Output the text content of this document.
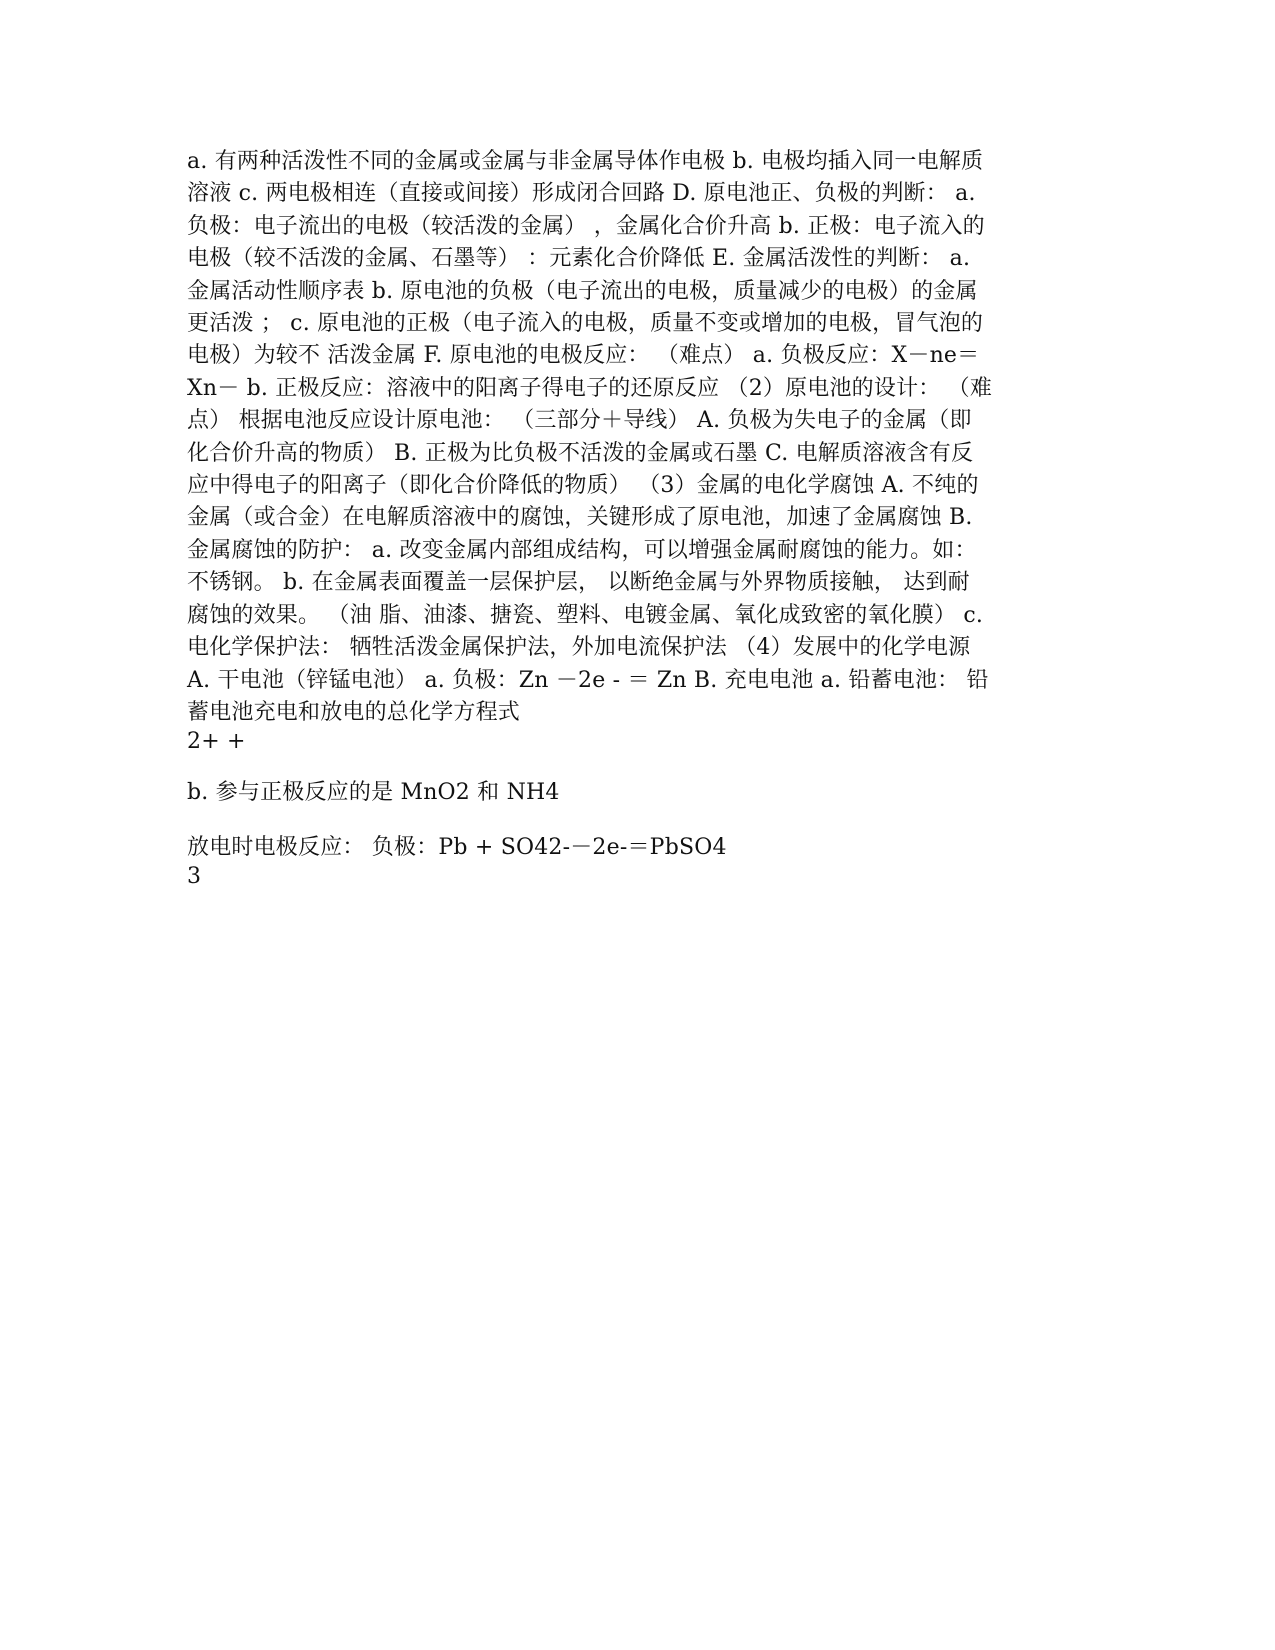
a. 有两种活泼性不同的金属或金属与非金属导体作电极 b. 电极均插入同一电解质
溶液 c. 两电极相连（直接或间接）形成闭合回路 D. 原电池正、负极的判断： a.
负极：电子流出的电极（较活泼的金属） ，金属化合价升高 b. 正极：电子流入的
电极（较不活泼的金属、石墨等） ：元素化合价降低 E. 金属活泼性的判断： a.
金属活动性顺序表 b. 原电池的负极（电子流出的电极，质量减少的电极）的金属
更活泼 ； c. 原电池的正极（电子流入的电极，质量不变或增加的电极，冒气泡的
电极）为较不 活泼金属 F. 原电池的电极反应： （难点） a. 负极反应：X－ne＝
Xn－ b. 正极反应：溶液中的阳离子得电子的还原反应 （2）原电池的设计： （难
点） 根据电池反应设计原电池： （三部分＋导线） A. 负极为失电子的金属（即
化合价升高的物质） B. 正极为比负极不活泼的金属或石墨 C. 电解质溶液含有反
应中得电子的阳离子（即化合价降低的物质） （3）金属的电化学腐蚀 A. 不纯的
金属（或合金）在电解质溶液中的腐蚀，关键形成了原电池，加速了金属腐蚀 B.
金属腐蚀的防护： a. 改变金属内部组成结构，可以增强金属耐腐蚀的能力。如：
不锈钢。 b. 在金属表面覆盖一层保护层， 以断绝金属与外界物质接触， 达到耐
腐蚀的效果。 （油 脂、油漆、搪瓷、塑料、电镀金属、氧化成致密的氧化膜） c.
电化学保护法： 牺牲活泼金属保护法，外加电流保护法 （4）发展中的化学电源
A. 干电池（锌锰电池） a. 负极：Zn －2e - ＝ Zn B. 充电电池 a. 铅蓄电池： 铅
蓄电池充电和放电的总化学方程式
2+ +
b. 参与正极反应的是 MnO2 和 NH4
放电时电极反应： 负极：Pb + SO42-－2e-＝PbSO4
3
